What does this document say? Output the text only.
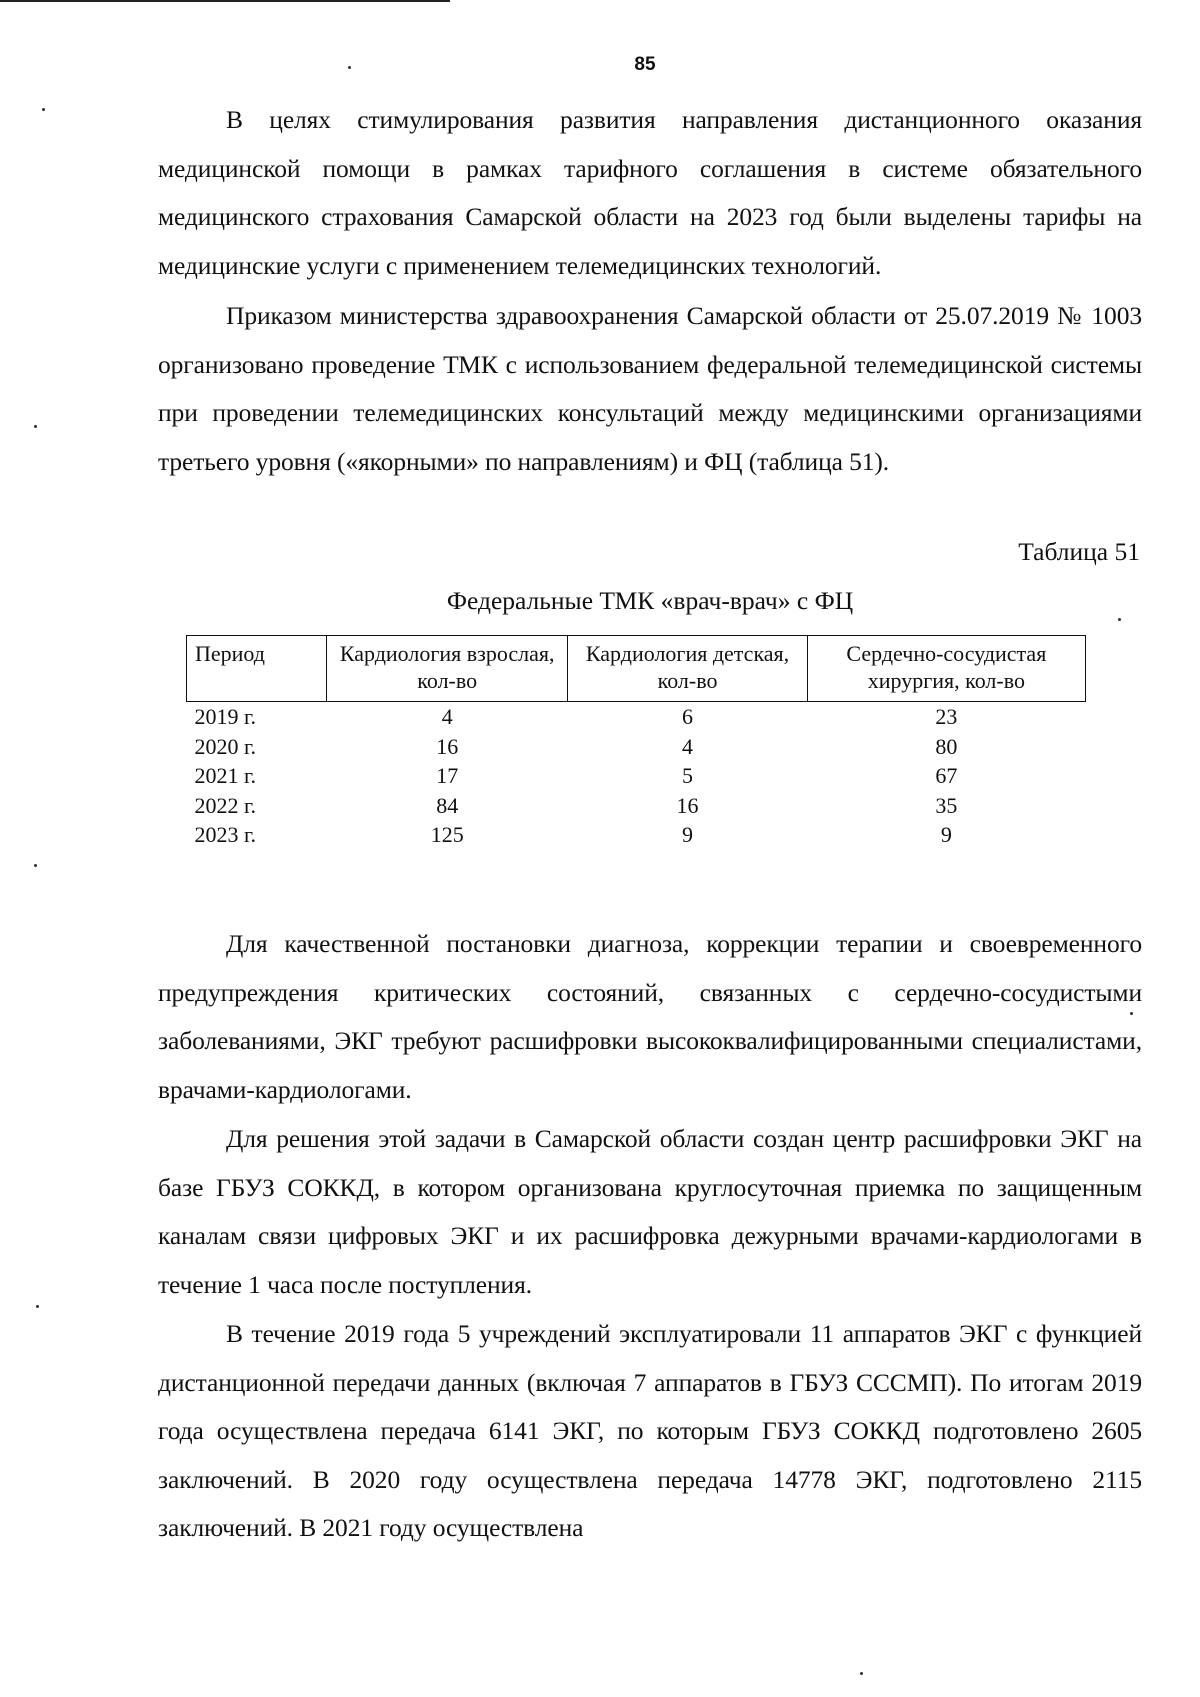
85

В целях стимулирования развития направления дистанционного оказания медицинской помощи в рамках тарифного соглашения в системе обязательного медицинского страхования Самарской области на 2023 год были выделены тарифы на медицинские услуги с применением телемедицинских технологий.

Приказом министерства здравоохранения Самарской области от 25.07.2019 № 1003 организовано проведение ТМК с использованием федеральной телемедицинской системы при проведении телемедицинских консультаций между медицинскими организациями третьего уровня («якорными» по направлениям) и ФЦ (таблица 51).

Таблица 51
Федеральные ТМК «врач-врач» с ФЦ
Период	Кардиология взрослая, кол-во	Кардиология детская, кол-во	Сердечно-сосудистая хирургия, кол-во
2019 г.	4	6	23
2020 г.	16	4	80
2021 г.	17	5	67
2022 г.	84	16	35
2023 г.	125	9	9

Для качественной постановки диагноза, коррекции терапии и своевременного предупреждения критических состояний, связанных с сердечно-сосудистыми заболеваниями, ЭКГ требуют расшифровки высококвалифицированными специалистами, врачами-кардиологами.

Для решения этой задачи в Самарской области создан центр расшифровки ЭКГ на базе ГБУЗ СОККД, в котором организована круглосуточная приемка по защищенным каналам связи цифровых ЭКГ и их расшифровка дежурными врачами-кардиологами в течение 1 часа после поступления.

В течение 2019 года 5 учреждений эксплуатировали 11 аппаратов ЭКГ с функцией дистанционной передачи данных (включая 7 аппаратов в ГБУЗ СССМП). По итогам 2019 года осуществлена передача 6141 ЭКГ, по которым ГБУЗ СОККД подготовлено 2605 заключений. В 2020 году осуществлена передача 14778 ЭКГ, подготовлено 2115 заключений. В 2021 году осуществлена
